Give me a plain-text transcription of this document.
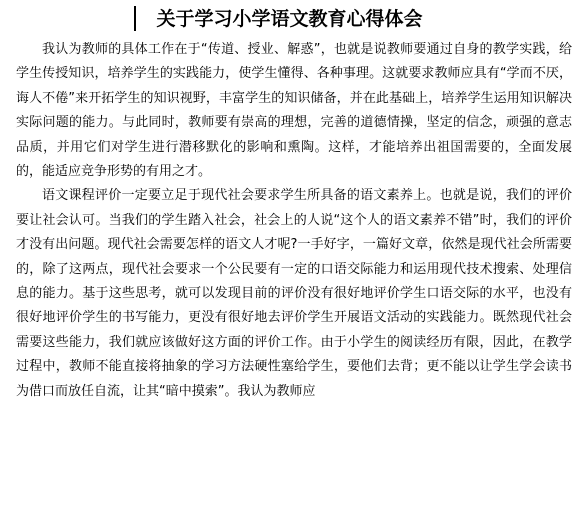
关于学习小学语文教育心得体会

我认为教师的具体工作在于“传道、授业、解惑”，也就是说教师要通过自身的教学实践，给学生传授知识，培养学生的实践能力，使学生懂得、各种事理。这就要求教师应具有“学而不厌，诲人不倦”来开拓学生的知识视野，丰富学生的知识储备，并在此基础上，培养学生运用知识解决实际问题的能力。与此同时，教师要有崇高的理想，完善的道德情操，坚定的信念，顽强的意志品质，并用它们对学生进行潜移默化的影响和熏陶。这样，才能培养出祖国需要的，全面发展的，能适应竞争形势的有用之才。

语文课程评价一定要立足于现代社会要求学生所具备的语文素养上。也就是说，我们的评价要让社会认可。当我们的学生踏入社会，社会上的人说“这个人的语文素养不错”时，我们的评价才没有出问题。现代社会需要怎样的语文人才呢?一手好字，一篇好文章，依然是现代社会所需要的，除了这两点，现代社会要求一个公民要有一定的口语交际能力和运用现代技术搜索、处理信息的能力。基于这些思考，就可以发现目前的评价没有很好地评价学生口语交际的水平，也没有很好地评价学生的书写能力，更没有很好地去评价学生开展语文活动的实践能力。既然现代社会需要这些能力，我们就应该做好这方面的评价工作。由于小学生的阅读经历有限，因此，在教学过程中，教师不能直接将抽象的学习方法硬性塞给学生，要他们去背；更不能以让学生学会读书为借口而放任自流，让其“暗中摸索”。我认为教师应
